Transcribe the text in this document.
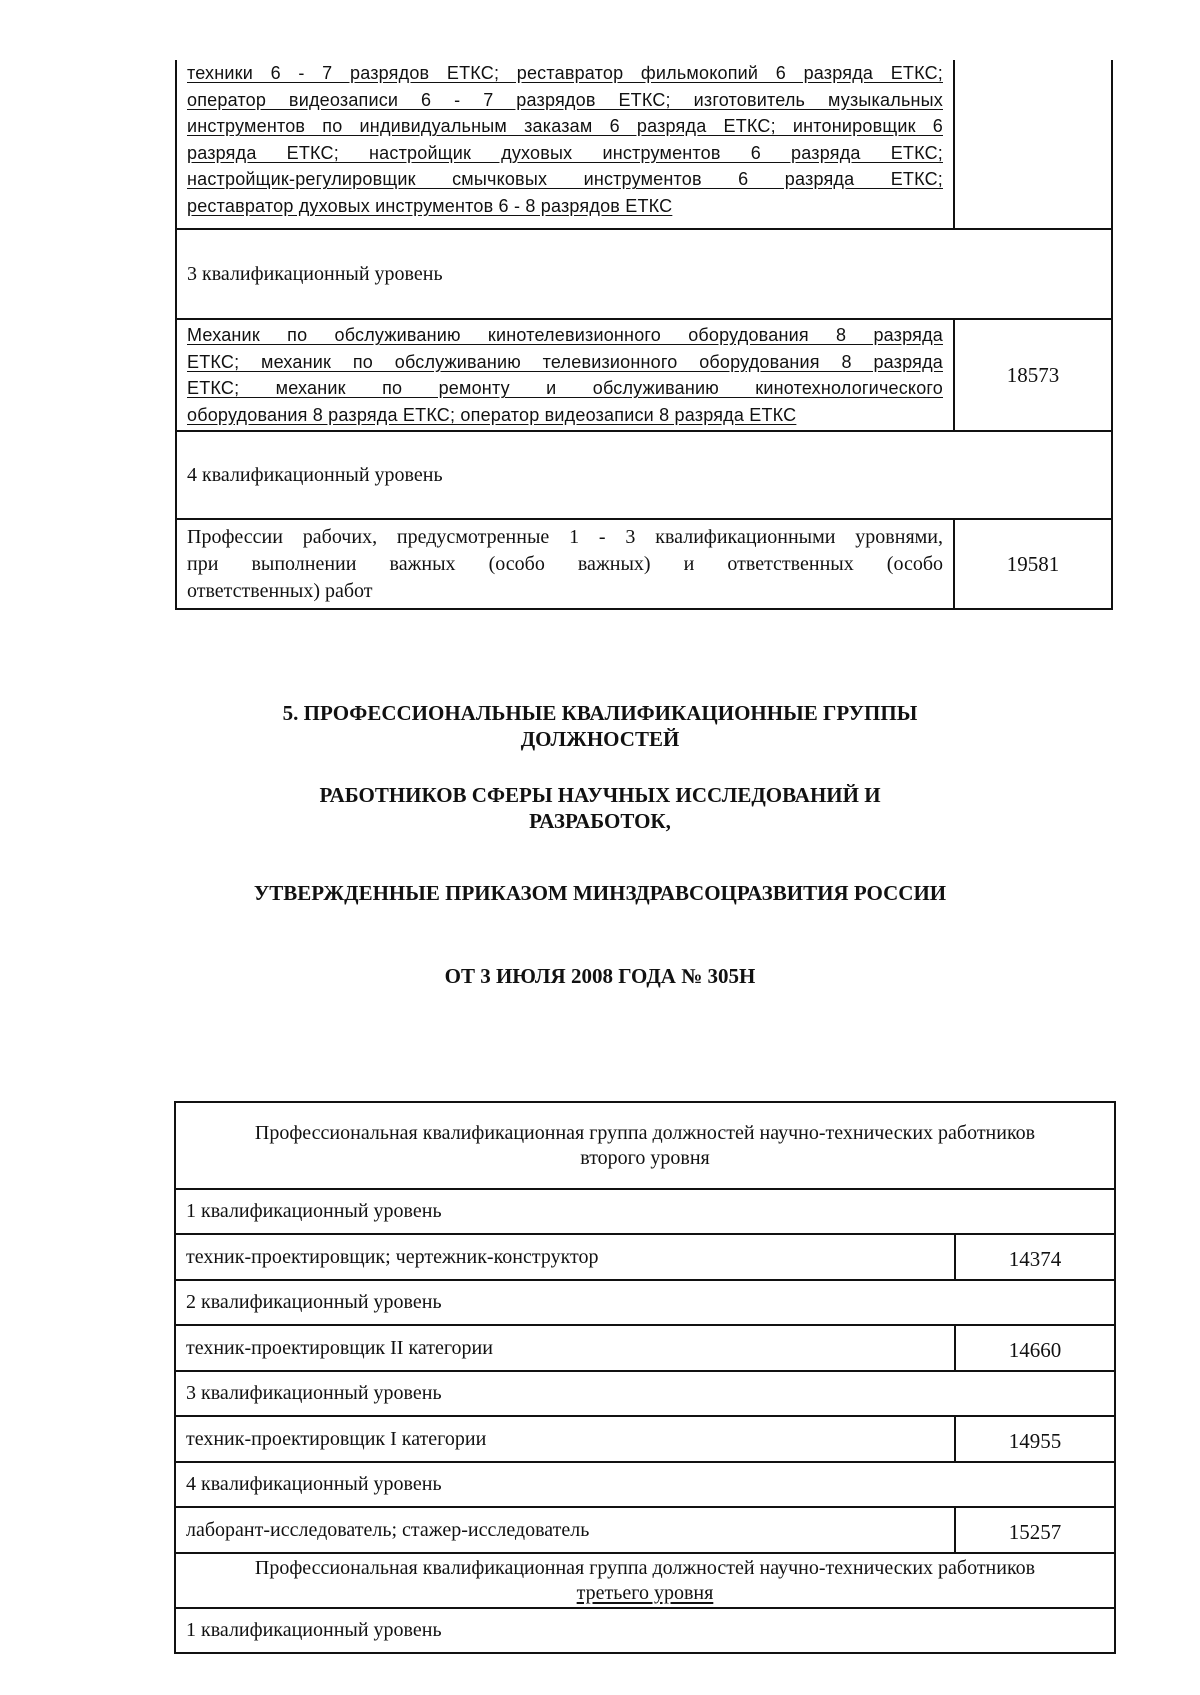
техники 6 - 7 разрядов ЕТКС; реставратор фильмокопий 6 разряда ЕТКС;
оператор видеозаписи 6 - 7 разрядов ЕТКС; изготовитель музыкальных
инструментов по индивидуальным заказам 6 разряда ЕТКС; интонировщик 6
разряда ЕТКС; настройщик духовых инструментов 6 разряда ЕТКС;
настройщик-регулировщик смычковых инструментов 6 разряда ЕТКС;
реставратор духовых инструментов 6 - 8 разрядов ЕТКС
3 квалификационный уровень
Механик по обслуживанию кинотелевизионного оборудования 8 разряда
ЕТКС; механик по обслуживанию телевизионного оборудования 8 разряда
ЕТКС; механик по ремонту и обслуживанию кинотехнологического
оборудования 8 разряда ЕТКС; оператор видеозаписи 8 разряда ЕТКС
18573
4 квалификационный уровень
Профессии рабочих, предусмотренные 1 - 3 квалификационными уровнями,
при выполнении важных (особо важных) и ответственных (особо
ответственных) работ
19581
5. ПРОФЕССИОНАЛЬНЫЕ КВАЛИФИКАЦИОННЫЕ ГРУППЫ
ДОЛЖНОСТЕЙ
РАБОТНИКОВ СФЕРЫ НАУЧНЫХ ИССЛЕДОВАНИЙ И
РАЗРАБОТОК,
УТВЕРЖДЕННЫЕ ПРИКАЗОМ МИНЗДРАВСОЦРАЗВИТИЯ РОССИИ
ОТ 3 ИЮЛЯ 2008 ГОДА № 305Н
Профессиональная квалификационная группа должностей научно-технических работников
второго уровня
1 квалификационный уровень
техник-проектировщик; чертежник-конструктор	14374
2 квалификационный уровень
техник-проектировщик II категории	14660
3 квалификационный уровень
техник-проектировщик I категории	14955
4 квалификационный уровень
лаборант-исследователь; стажер-исследователь	15257
Профессиональная квалификационная группа должностей научно-технических работников
третьего уровня
1 квалификационный уровень
